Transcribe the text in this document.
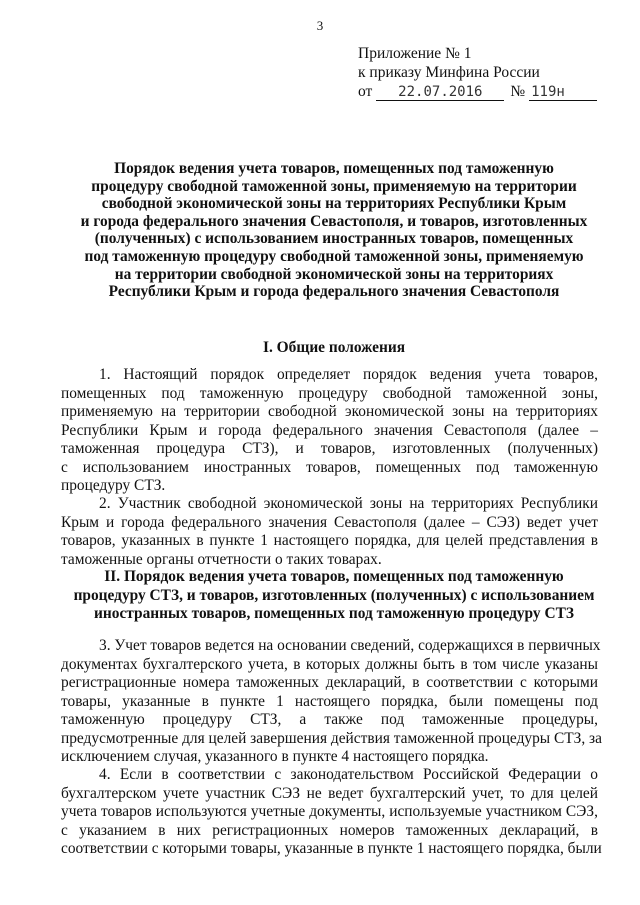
3
Приложение № 1
к приказу Минфина России
от 22.07.2016 № 119н
Порядок ведения учета товаров, помещенных под таможенную
процедуру свободной таможенной зоны, применяемую на территории
свободной экономической зоны на территориях Республики Крым
и города федерального значения Севастополя, и товаров, изготовленных
(полученных) с использованием иностранных товаров, помещенных
под таможенную процедуру свободной таможенной зоны, применяемую
на территории свободной экономической зоны на территориях
Республики Крым и города федерального значения Севастополя
I. Общие положения
1. Настоящий порядок определяет порядок ведения учета товаров,
помещенных под таможенную процедуру свободной таможенной зоны,
применяемую на территории свободной экономической зоны на территориях
Республики Крым и города федерального значения Севастополя (далее –
таможенная процедура СТЗ), и товаров, изготовленных (полученных)
с использованием иностранных товаров, помещенных под таможенную
процедуру СТЗ.
2. Участник свободной экономической зоны на территориях Республики
Крым и города федерального значения Севастополя (далее – СЭЗ) ведет учет
товаров, указанных в пункте 1 настоящего порядка, для целей представления в
таможенные органы отчетности о таких товарах.
II. Порядок ведения учета товаров, помещенных под таможенную
процедуру СТЗ, и товаров, изготовленных (полученных) с использованием
иностранных товаров, помещенных под таможенную процедуру СТЗ
3. Учет товаров ведется на основании сведений, содержащихся в первичных
документах бухгалтерского учета, в которых должны быть в том числе указаны
регистрационные номера таможенных деклараций, в соответствии с которыми
товары, указанные в пункте 1 настоящего порядка, были помещены под
таможенную процедуру СТЗ, а также под таможенные процедуры,
предусмотренные для целей завершения действия таможенной процедуры СТЗ, за
исключением случая, указанного в пункте 4 настоящего порядка.
4. Если в соответствии с законодательством Российской Федерации о
бухгалтерском учете участник СЭЗ не ведет бухгалтерский учет, то для целей
учета товаров используются учетные документы, используемые участником СЭЗ,
с указанием в них регистрационных номеров таможенных деклараций, в
соответствии с которыми товары, указанные в пункте 1 настоящего порядка, были
